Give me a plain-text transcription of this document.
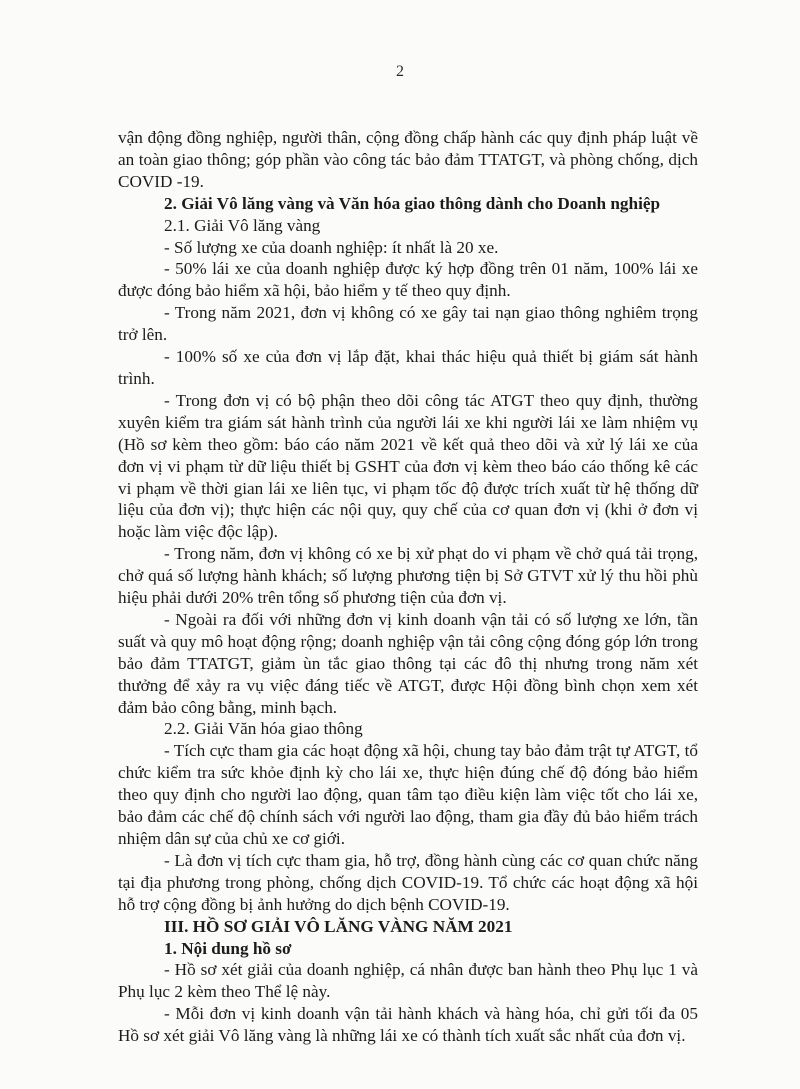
2

vận động đồng nghiệp, người thân, cộng đồng chấp hành các quy định pháp luật về an toàn giao thông; góp phần vào công tác bảo đảm TTATGT, và phòng chống, dịch COVID -19.

2. Giải Vô lăng vàng và Văn hóa giao thông dành cho Doanh nghiệp

2.1. Giải Vô lăng vàng

- Số lượng xe của doanh nghiệp: ít nhất là 20 xe.

- 50% lái xe của doanh nghiệp được ký hợp đồng trên 01 năm, 100% lái xe được đóng bảo hiểm xã hội, bảo hiểm y tế theo quy định.

- Trong năm 2021, đơn vị không có xe gây tai nạn giao thông nghiêm trọng trở lên.

- 100% số xe của đơn vị lắp đặt, khai thác hiệu quả thiết bị giám sát hành trình.

- Trong đơn vị có bộ phận theo dõi công tác ATGT theo quy định, thường xuyên kiểm tra giám sát hành trình của người lái xe khi người lái xe làm nhiệm vụ (Hồ sơ kèm theo gồm: báo cáo năm 2021 về kết quả theo dõi và xử lý lái xe của đơn vị vi phạm từ dữ liệu thiết bị GSHT của đơn vị kèm theo báo cáo thống kê các vi phạm về thời gian lái xe liên tục, vi phạm tốc độ được trích xuất từ hệ thống dữ liệu của đơn vị); thực hiện các nội quy, quy chế của cơ quan đơn vị (khi ở đơn vị hoặc làm việc độc lập).

- Trong năm, đơn vị không có xe bị xử phạt do vi phạm về chở quá tải trọng, chở quá số lượng hành khách; số lượng phương tiện bị Sở GTVT xử lý thu hồi phù hiệu phải dưới 20% trên tổng số phương tiện của đơn vị.

- Ngoài ra đối với những đơn vị kinh doanh vận tải có số lượng xe lớn, tần suất và quy mô hoạt động rộng; doanh nghiệp vận tải công cộng đóng góp lớn trong bảo đảm TTATGT, giảm ùn tắc giao thông tại các đô thị nhưng trong năm xét thưởng để xảy ra vụ việc đáng tiếc về ATGT, được Hội đồng bình chọn xem xét đảm bảo công bằng, minh bạch.

2.2. Giải Văn hóa giao thông

- Tích cực tham gia các hoạt động xã hội, chung tay bảo đảm trật tự ATGT, tổ chức kiểm tra sức khỏe định kỳ cho lái xe, thực hiện đúng chế độ đóng bảo hiểm theo quy định cho người lao động, quan tâm tạo điều kiện làm việc tốt cho lái xe, bảo đảm các chế độ chính sách với người lao động, tham gia đầy đủ bảo hiểm trách nhiệm dân sự của chủ xe cơ giới.

- Là đơn vị tích cực tham gia, hỗ trợ, đồng hành cùng các cơ quan chức năng tại địa phương trong phòng, chống dịch COVID-19. Tổ chức các hoạt động xã hội hỗ trợ cộng đồng bị ảnh hưởng do dịch bệnh COVID-19.

III. HỒ SƠ GIẢI VÔ LĂNG VÀNG NĂM 2021

1. Nội dung hồ sơ

- Hồ sơ xét giải của doanh nghiệp, cá nhân được ban hành theo Phụ lục 1 và Phụ lục 2 kèm theo Thể lệ này.

- Mỗi đơn vị kinh doanh vận tải hành khách và hàng hóa, chỉ gửi tối đa 05 Hồ sơ xét giải Vô lăng vàng là những lái xe có thành tích xuất sắc nhất của đơn vị.
